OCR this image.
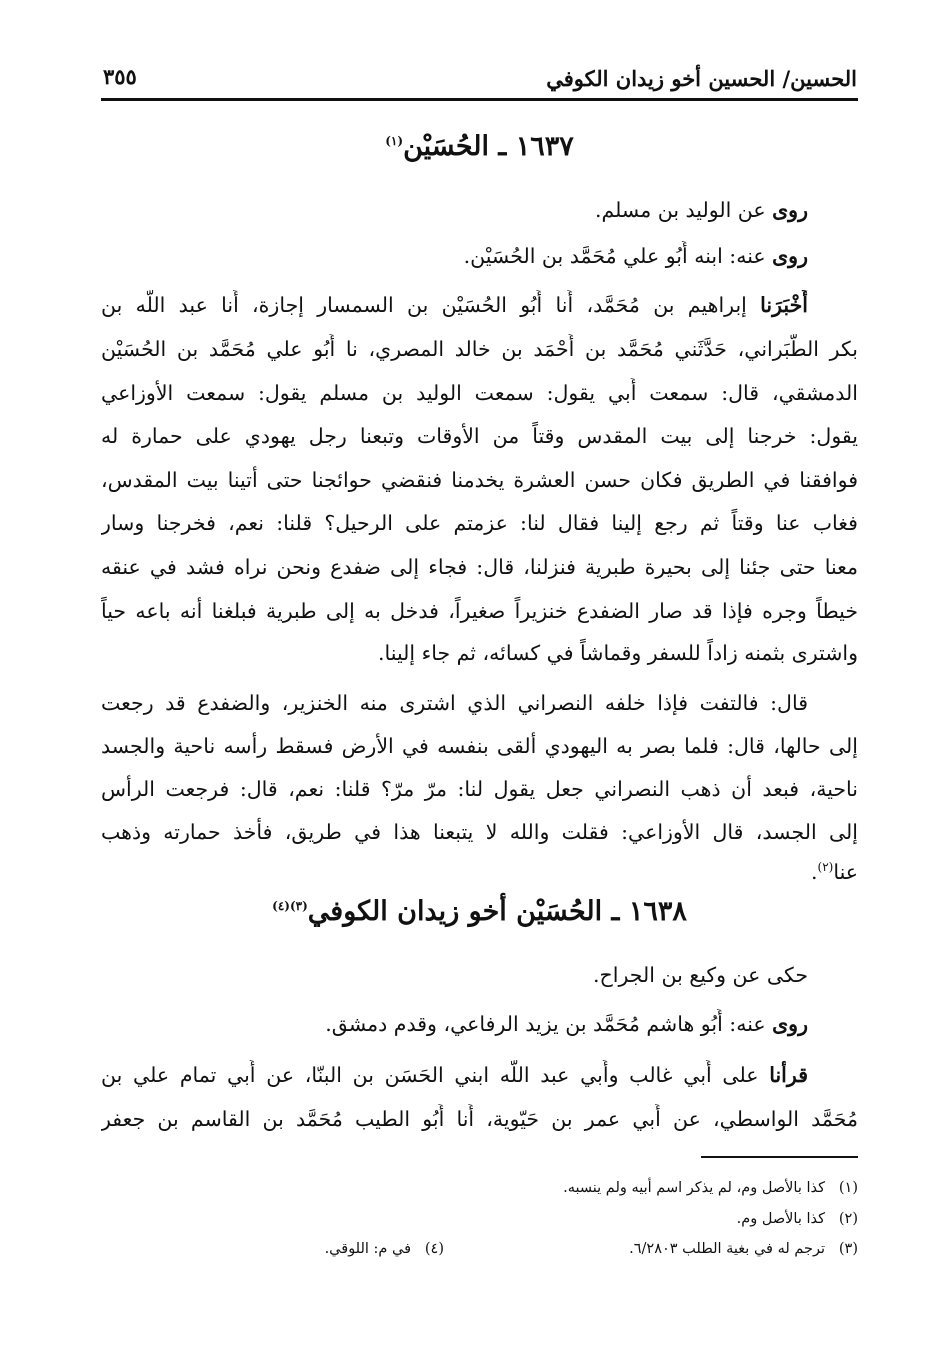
الحسين/ الحسين أخو زيدان الكوفي
٣٥٥
١٦٣٧ ـ الحُسَيْن$^{(١)}$
روى عن الوليد بن مسلم.
روى عنه: ابنه أَبُو علي مُحَمَّد بن الحُسَيْن.
أَخْبَرَنا إبراهيم بن مُحَمَّد، أَنا أَبُو الحُسَيْن بن السمسار إجازة، أَنا عبد اللَّه بن
بكر الطَّبَراني، حَدَّثَني مُحَمَّد بن أَحْمَد بن خالد المصري، نا أَبُو علي مُحَمَّد بن الحُسَيْن
الدمشقي، قال: سمعت أَبي يقول: سمعت الوليد بن مسلم يقول: سمعت الأوزاعي
يقول: خرجنا إلى بيت المقدس وقتاً من الأوقات وتبعنا رجل يهودي على حمارة له
فوافقنا في الطريق فكان حسن العشرة يخدمنا فنقضي حوائجنا حتى أتينا بيت المقدس،
فغاب عنا وقتاً ثم رجع إلينا فقال لنا: عزمتم على الرحيل؟ قلنا: نعم، فخرجنا وسار
معنا حتى جئنا إلى بحيرة طبرية فنزلنا، قال: فجاء إلى ضفدع ونحن نراه فشد في عنقه
خيطاً وجره فإذا قد صار الضفدع خنزيراً صغيراً، فدخل به إلى طبرية فبلغنا أنه باعه حياً
واشترى بثمنه زاداً للسفر وقماشاً في كسائه، ثم جاء إلينا.
قال: فالتفت فإذا خلفه النصراني الذي اشترى منه الخنزير، والضفدع قد رجعت
إلى حالها، قال: فلما بصر به اليهودي ألقى بنفسه في الأرض فسقط رأسه ناحية والجسد
ناحية، فبعد أن ذهب النصراني جعل يقول لنا: مرّ مرّ؟ قلنا: نعم، قال: فرجعت الرأس
إلى الجسد، قال الأوزاعي: فقلت والله لا يتبعنا هذا في طريق، فأخذ حمارته وذهب
عنا$^{(٢)}$.
١٦٣٨ ـ الحُسَيْن أخو زيدان الكوفي$^{(٣)(٤)}$
حكى عن وكيع بن الجراح.
روى عنه: أَبُو هاشم مُحَمَّد بن يزيد الرفاعي، وقدم دمشق.
قرأنا على أَبي غالب وأَبي عبد اللَّه ابني الحَسَن بن البنّا، عن أَبي تمام علي بن
مُحَمَّد الواسطي، عن أَبي عمر بن حَيّوية، أَنا أَبُو الطيب مُحَمَّد بن القاسم بن جعفر
(١)   كذا بالأصل وم، لم يذكر اسم أبيه ولم ينسبه.
(٢)   كذا بالأصل وم.
(٣)   ترجم له في بغية الطلب ٦/٢٨٠٣.
(٤)   في م: اللوقي.
